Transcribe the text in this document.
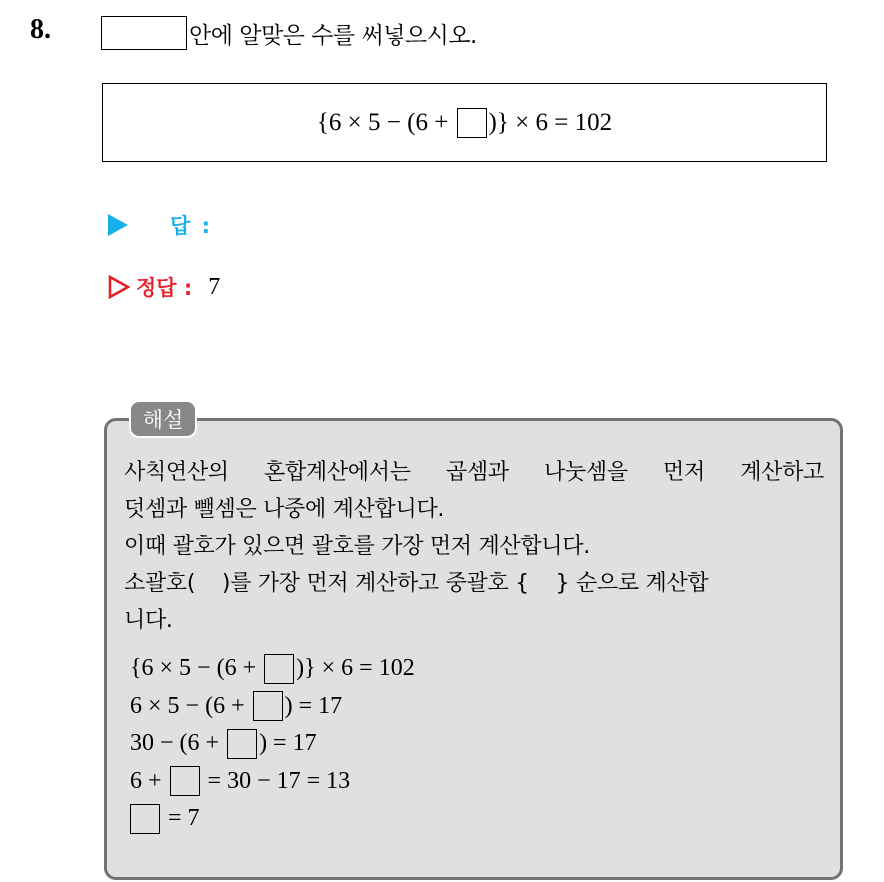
8.	안에 알맞은 수를 써넣으시오.
{6 × 5 − (6 + )} × 6 = 102
답 :
정답 : 7
해설

사칙연산의 혼합계산에서는 곱셈과 나눗셈을 먼저 계산하고

덧셈과 뺄셈은 나중에 계산합니다.

이때 괄호가 있으면 괄호를 가장 먼저 계산합니다.

소괄호(    )를 가장 먼저 계산하고 중괄호 {    } 순으로 계산합

니다.

{6 × 5 − (6 + )} × 6 = 102
6 × 5 − (6 + ) = 17
30 − (6 + ) = 17
6 + = 30 − 17 = 13
= 7
